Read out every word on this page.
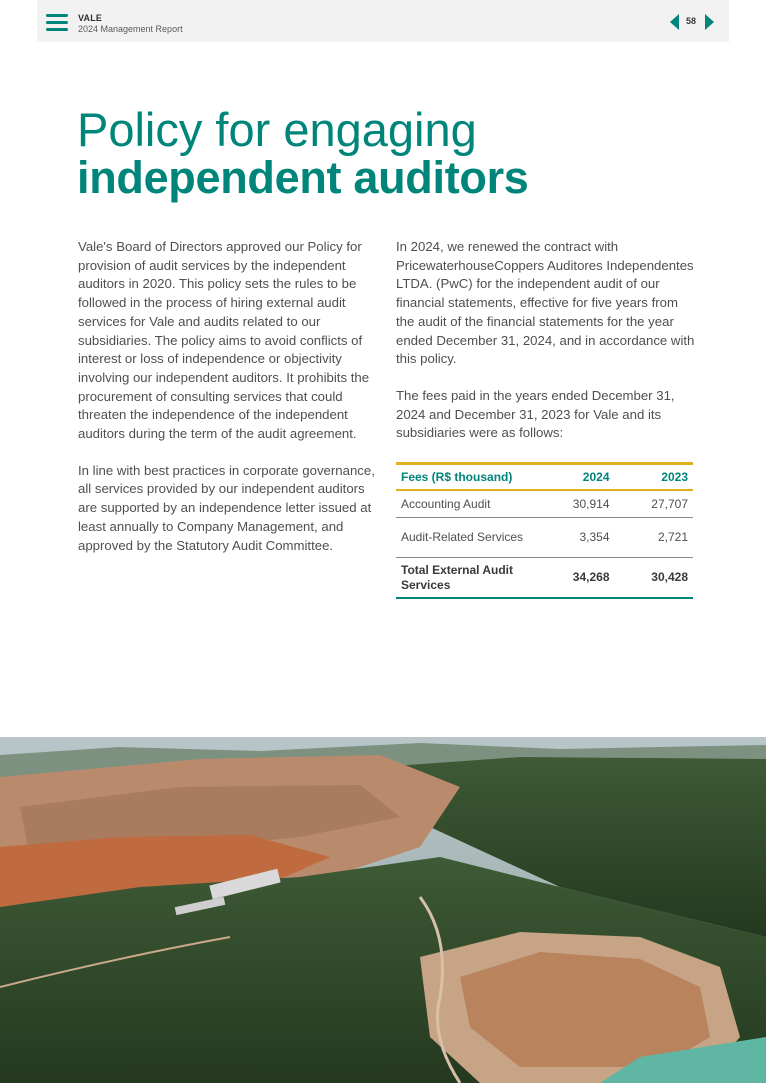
VALE
2024 Management Report
58
Policy for engaging
independent auditors

Vale's Board of Directors approved our Policy for provision of audit services by the independent auditors in 2020. This policy sets the rules to be followed in the process of hiring external audit services for Vale and audits related to our subsidiaries. The policy aims to avoid conflicts of interest or loss of independence or objectivity involving our independent auditors. It prohibits the procurement of consulting services that could threaten the independence of the independent auditors during the term of the audit agreement.

In line with best practices in corporate governance, all services provided by our independent auditors are supported by an independence letter issued at least annually to Company Management, and approved by the Statutory Audit Committee.

In 2024, we renewed the contract with PricewaterhouseCoppers Auditores Independentes LTDA. (PwC) for the independent audit of our financial statements, effective for five years from the audit of the financial statements for the year ended December 31, 2024, and in accordance with this policy.

The fees paid in the years ended December 31, 2024 and December 31, 2023 for Vale and its subsidiaries were as follows:

Fees (R$ thousand)	2024	2023
Accounting Audit	30,914	27,707
Audit-Related Services	3,354	2,721
Total External Audit Services	34,268	30,428
